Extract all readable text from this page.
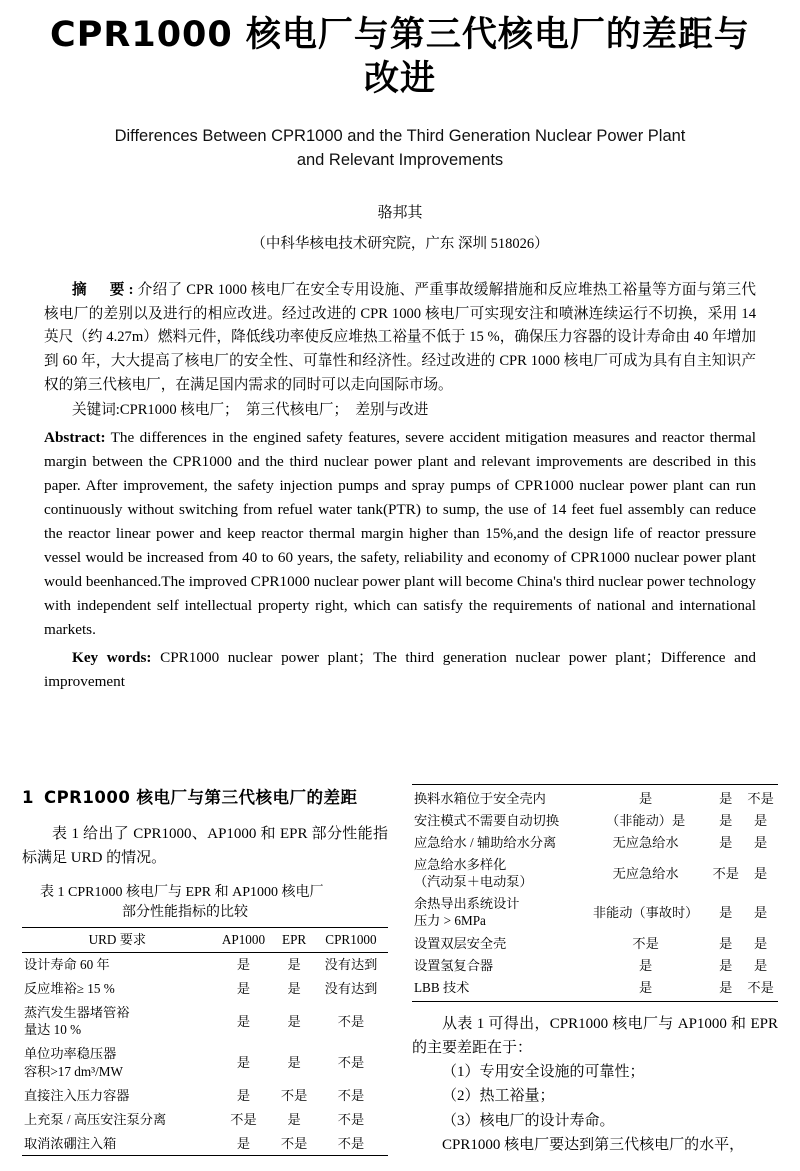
CPR1000 核电厂与第三代核电厂的差距与改进
Differences Between CPR1000 and the Third Generation Nuclear Power Plant
and Relevant Improvements
骆邦其
（中科华核电技术研究院，广东 深圳 518026）
摘　要:介绍了 CPR 1000 核电厂在安全专用设施、严重事故缓解措施和反应堆热工裕量等方面与第三代核电厂的差别以及进行的相应改进。经过改进的 CPR 1000 核电厂可实现安注和喷淋连续运行不切换，采用 14 英尺（约 4.27m）燃料元件，降低线功率使反应堆热工裕量不低于 15 %，确保压力容器的设计寿命由 40 年增加到 60 年，大大提高了核电厂的安全性、可靠性和经济性。经过改进的 CPR 1000 核电厂可成为具有自主知识产权的第三代核电厂，在满足国内需求的同时可以走向国际市场。
关键词:CPR1000 核电厂；　第三代核电厂；　差别与改进
Abstract: The differences in the engined safety features, severe accident mitigation measures and reactor thermal margin between the CPR1000 and the third nuclear power plant and relevant improvements are described in this paper. After improvement, the safety injection pumps and spray pumps of CPR1000 nuclear power plant can run continuously without switching from refuel water tank(PTR) to sump, the use of 14 feet fuel assembly can reduce the reactor linear power and keep reactor thermal margin higher than 15%,and the design life of reactor pressure vessel would be increased from 40 to 60 years, the safety, reliability and economy of CPR1000 nuclear power plant would beenhanced.The improved CPR1000 nuclear power plant will become China's third nuclear power technology with independent self intellectual property right, which can satisfy the requirements of national and international markets.
Key words: CPR1000 nuclear power plant；The third generation nuclear power plant；Difference and improvement
1 CPR1000 核电厂与第三代核电厂的差距
表 1 给出了 CPR1000、AP1000 和 EPR 部分性能指标满足 URD 的情况。
表 1 CPR1000 核电厂与 EPR 和 AP1000 核电厂
部分性能指标的比较
URD 要求	AP1000	EPR	CPR1000
设计寿命 60 年	是	是	没有达到
反应堆裕≥ 15 %	是	是	没有达到
蒸汽发生器堵管裕
量达 10 %	是	是	不是
单位功率稳压器
容积>17 dm³/MW	是	是	不是
直接注入压力容器	是	不是	不是
上充泵 / 高压安注泵分离	不是	是	不是
取消浓硼注入箱	是	不是	不是
换料水箱位于安全壳内	是	是	不是
安注模式不需要自动切换	（非能动）是	是	是
应急给水 / 辅助给水分离	无应急给水	是	是
应急给水多样化
（汽动泵＋电动泵）	无应急给水	不是	是
余热导出系统设计
压力 > 6MPa	非能动（事故时）	是	是
设置双层安全壳	不是	是	是
设置氢复合器	是	是	是
LBB 技术	是	是	不是
从表 1 可得出，CPR1000 核电厂与 AP1000 和 EPR 的主要差距在于：
（1）专用安全设施的可靠性；
（2）热工裕量；
（3）核电厂的设计寿命。
CPR1000 核电厂要达到第三代核电厂的水平，
